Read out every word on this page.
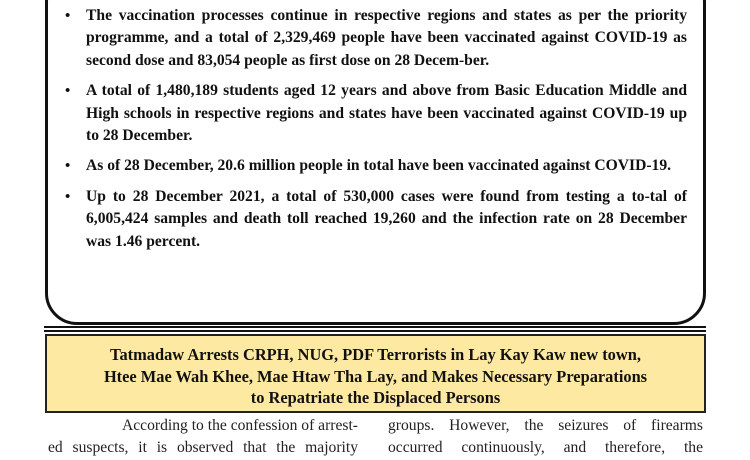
• The vaccination processes continue in respective regions and states as per the priority programme, and a total of 2,329,469 people have been vaccinated against COVID-19 as second dose and 83,054 people as first dose on 28 Decem-ber.
• A total of 1,480,189 students aged 12 years and above from Basic Education Middle and High schools in respective regions and states have been vaccinated against COVID-19 up to 28 December.
• As of 28 December, 20.6 million people in total have been vaccinated against COVID-19.
• Up to 28 December 2021, a total of 530,000 cases were found from testing a to-tal of 6,005,424 samples and death toll reached 19,260 and the infection rate on 28 December was 1.46 percent.
Tatmadaw Arrests CRPH, NUG, PDF Terrorists in Lay Kay Kaw new town,
Htee Mae Wah Khee, Mae Htaw Tha Lay, and Makes Necessary Preparations
to Repatriate the Displaced Persons
According to the confession of arrest-
ed suspects, it is observed that the majority
groups. However, the seizures of firearms
occurred continuously, and therefore, the
